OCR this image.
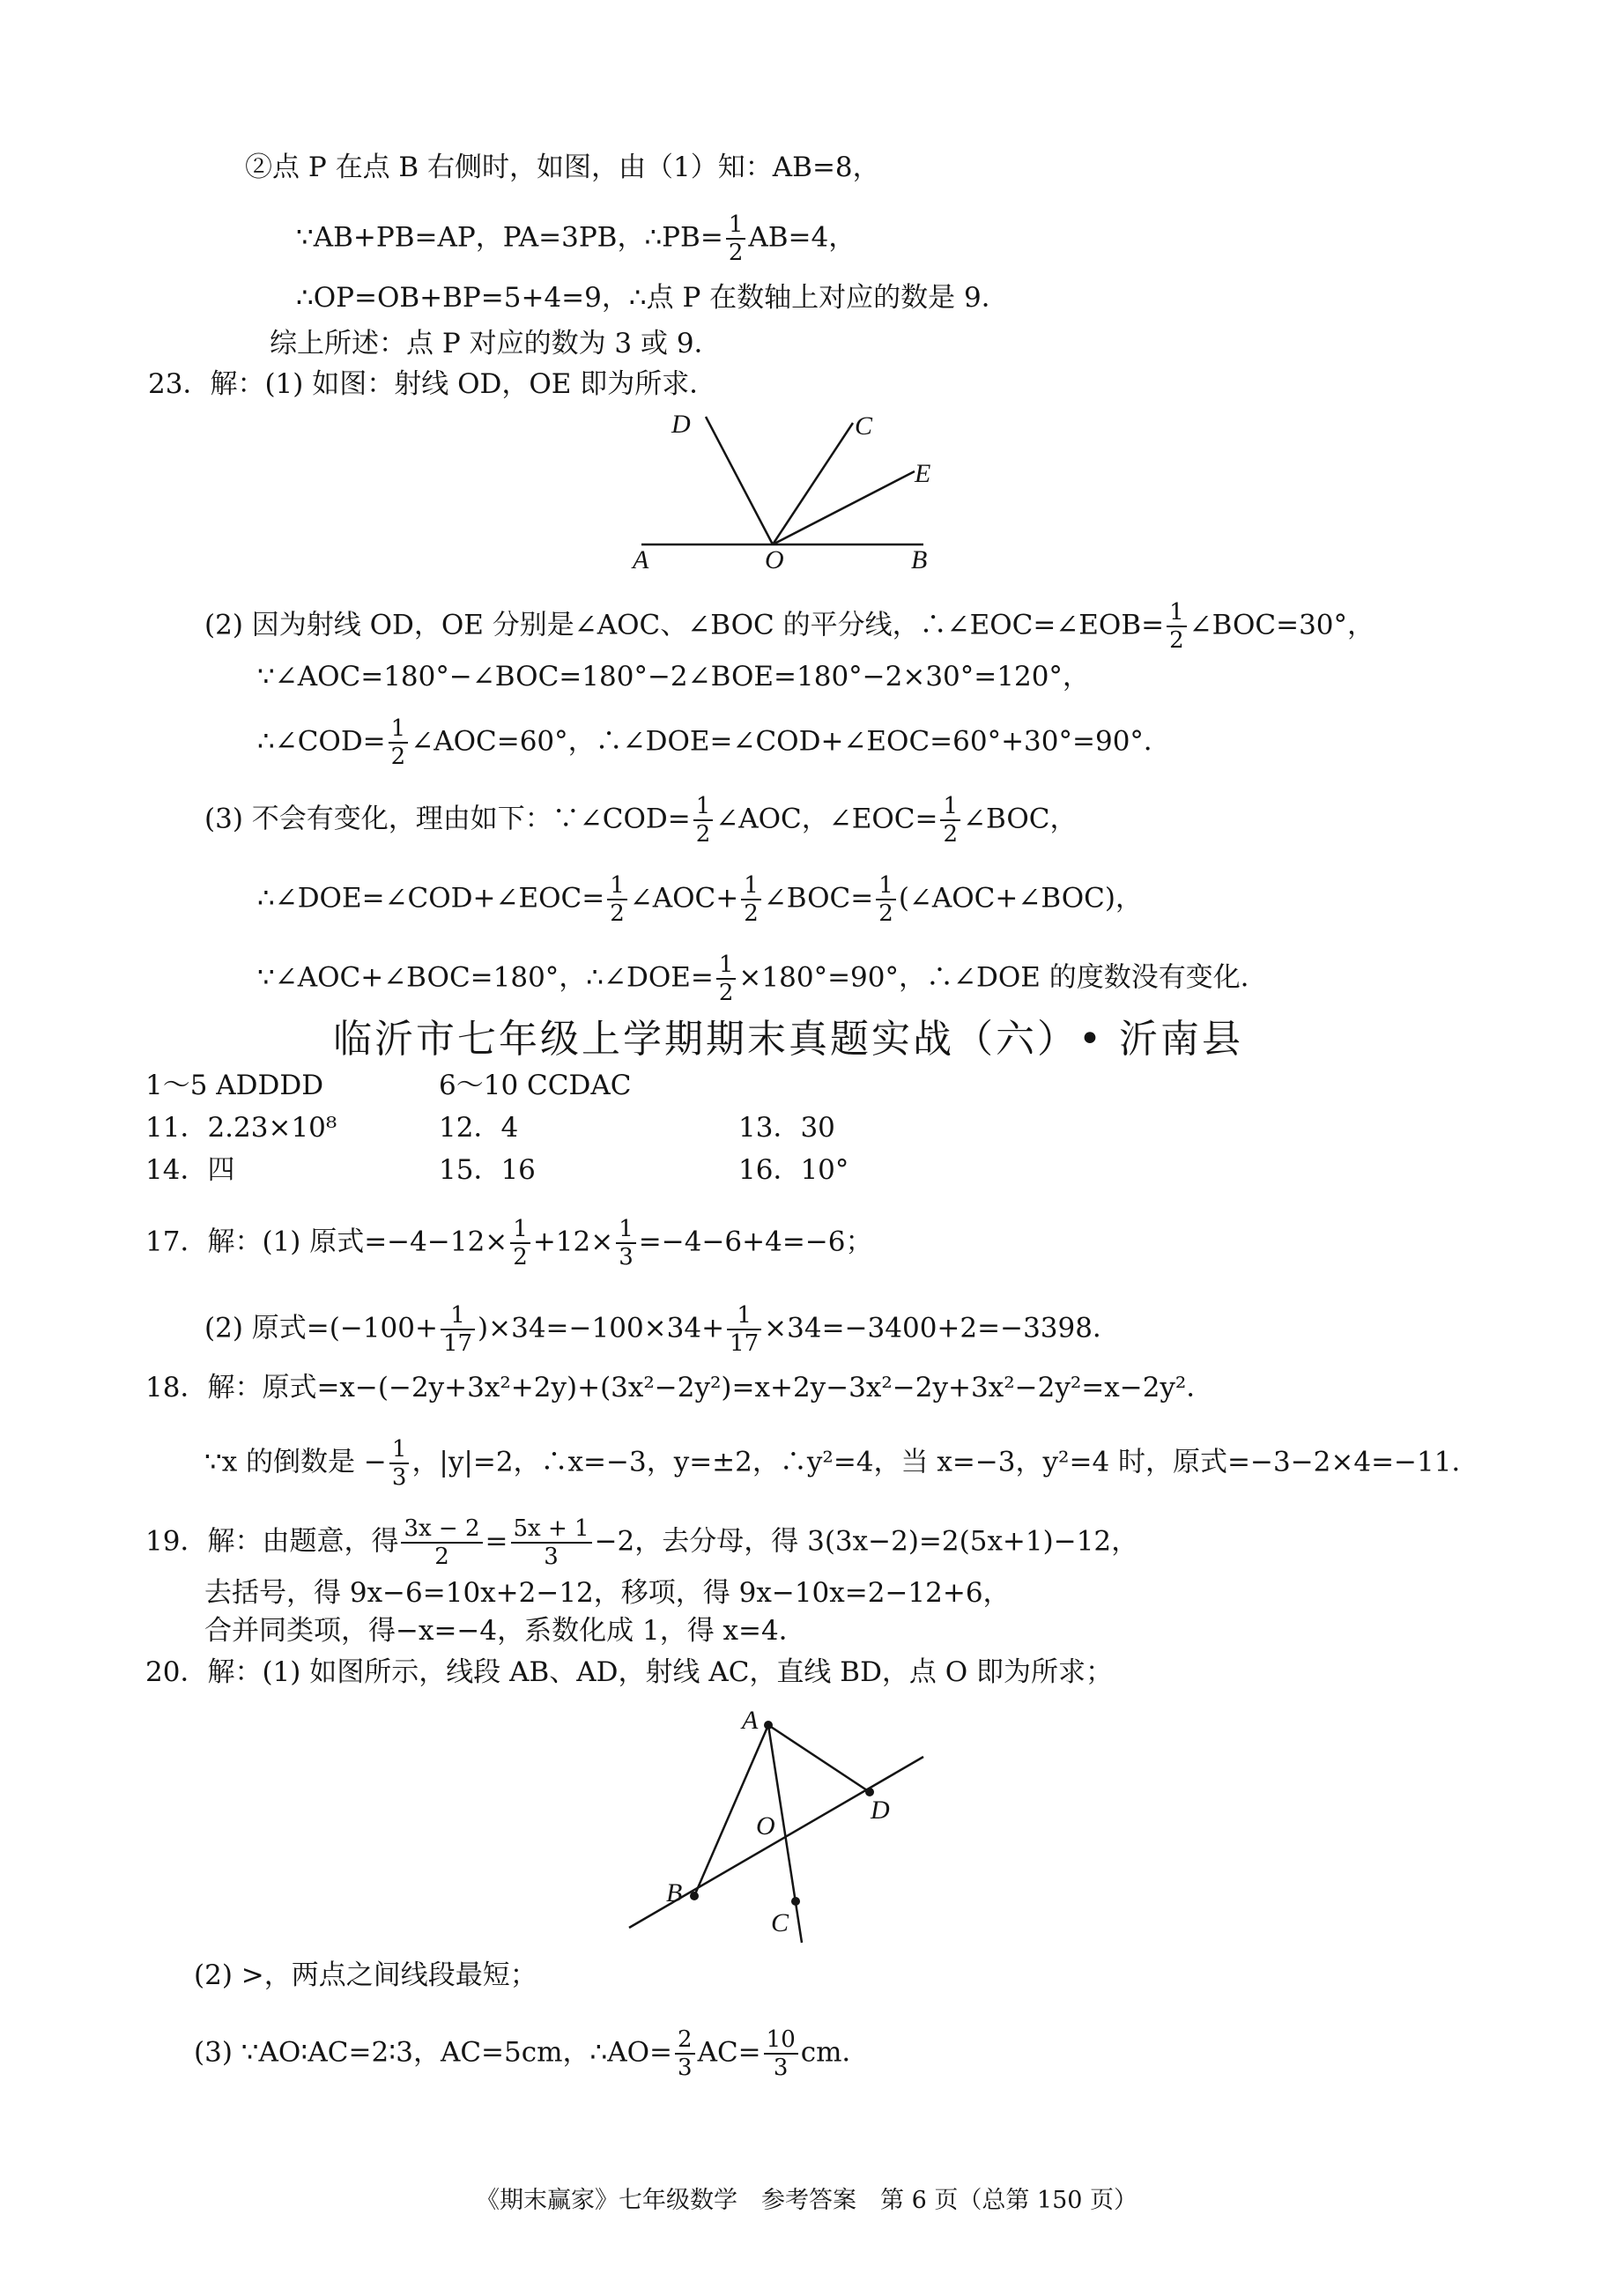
②点 P 在点 B 右侧时，如图，由（1）知：AB=8，
∵AB+PB=AP，PA=3PB，∴PB= $\frac{1}{2} AB=4$，
∴OP=OB+BP=5+4=9，∴点 P 在数轴上对应的数是 9．
综上所述：点 P 对应的数为 3 或 9．
23．解：(1) 如图：射线 OD，OE 即为所求．
A	O	B
C
D
E
(2) 因为射线 OD，OE 分别是∠AOC、∠BOC 的平分线，∴∠EOC=∠EOB= $\frac{1}{2}$ ∠BOC=30°，
∵∠AOC=180°−∠BOC=180°−2∠BOE=180°−2×30°=120°，
∴∠COD= $\frac{1}{2}$ ∠AOC=60°，∴∠DOE=∠COD+∠EOC=60°+30°=90°．
(3) 不会有变化，理由如下：∵∠COD= $\frac{1}{2}$ ∠AOC，∠EOC= $\frac{1}{2}$ ∠BOC，
∴∠DOE=∠COD+∠EOC= $\frac{1}{2}$ ∠AOC+ $\frac{1}{2}$ ∠BOC= $\frac{1}{2}$ (∠AOC+∠BOC)，
∵∠AOC+∠BOC=180°，∴∠DOE= $\frac{1}{2} \times 180^\circ=90^\circ$，∴∠DOE 的度数没有变化．
临沂市七年级上学期期末真题实战（六）• 沂南县
1～5 ADDDD	6～10 CCDAC
11．2.23×10⁸	12．4	13．30
14．四	15．16	16．10°
17．解：(1) 原式$=-4-12\times \frac{1}{2} +12\times \frac{1}{3} =-4-6+4=-6$；
(2) 原式$=(-100+ \frac{1}{17} )\times 34=-100\times 34+ \frac{1}{17} \times 34=-3400+2=-3398$．
18．解：原式=x−(−2y+3x²+2y)+(3x²−2y²)=x+2y−3x²−2y+3x²−2y²=x−2y²．
∵x 的倒数是 − $\frac{1}{3}$ ，|y|=2，∴x=−3，y=±2，∴y²=4，当 x=−3，y²=4 时，原式=−3−2×4=−11．
19．解：由题意，得 $\frac{3x - 2}{2} = \frac{5x + 1}{3} -2$，去分母，得 3(3x−2)=2(5x+1)−12，
去括号，得 9x−6=10x+2−12，移项，得 9x−10x=2−12+6，
合并同类项，得−x=−4，系数化成 1，得 x=4．
20．解：(1) 如图所示，线段 AB、AD，射线 AC，直线 BD，点 O 即为所求；
A
B
C
D
O
(2) >，两点之间线段最短；
(3) ∵AO∶AC=2∶3，AC=5cm，∴AO= $\frac{2}{3} AC= \frac{10}{3}$ cm．
《期末赢家》七年级数学　参考答案　第 6 页（总第 150 页）
